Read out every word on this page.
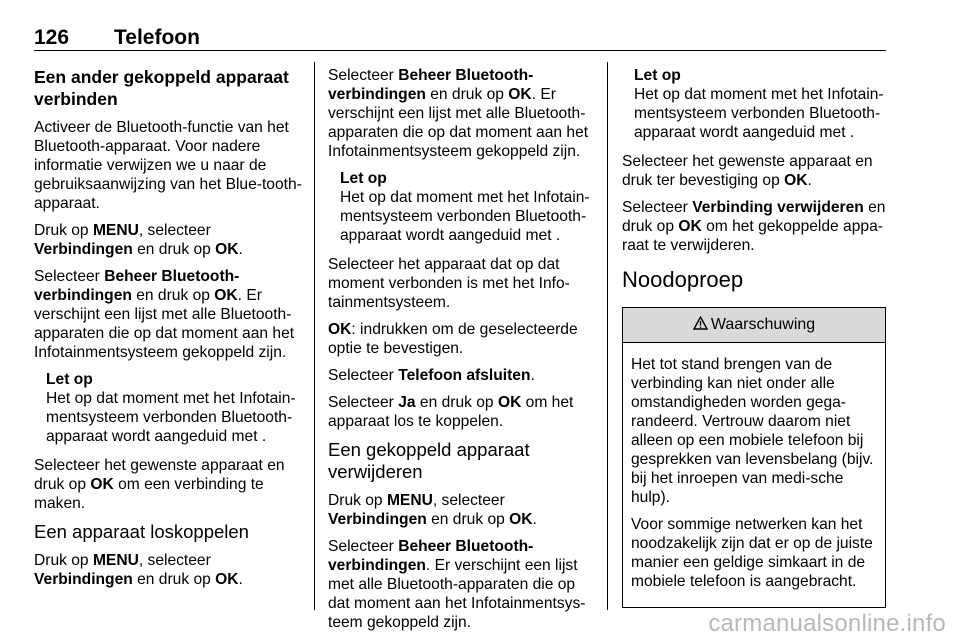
126 Telefoon
Een ander gekoppeld apparaat verbinden

Activeer de Bluetooth-functie van het Bluetooth-apparaat. Voor nadere informatie verwijzen we u naar de gebruiksaanwijzing van het Blue-tooth-apparaat.

Druk op MENU, selecteer
Verbindingen en druk op OK.

Selecteer Beheer Bluetooth-verbindingen en druk op OK. Er verschijnt een lijst met alle Bluetooth-apparaten die op dat moment aan het Infotainmentsysteem gekoppeld zijn.

Let op
Het op dat moment met het Infotain-mentsysteem verbonden Bluetooth-apparaat wordt aangeduid met .

Selecteer het gewenste apparaat en druk op OK om een verbinding te maken.

Een apparaat loskoppelen

Druk op MENU, selecteer
Verbindingen en druk op OK.

Selecteer Beheer Bluetooth-verbindingen en druk op OK. Er verschijnt een lijst met alle Bluetooth-apparaten die op dat moment aan het Infotainmentsysteem gekoppeld zijn.

Let op
Het op dat moment met het Infotain-mentsysteem verbonden Bluetooth-apparaat wordt aangeduid met .

Selecteer het apparaat dat op dat moment verbonden is met het Info-tainmentsysteem.

OK: indrukken om de geselecteerde optie te bevestigen.

Selecteer Telefoon afsluiten.

Selecteer Ja en druk op OK om het apparaat los te koppelen.

Een gekoppeld apparaat verwijderen

Druk op MENU, selecteer
Verbindingen en druk op OK.

Selecteer Beheer Bluetooth-verbindingen. Er verschijnt een lijst met alle Bluetooth-apparaten die op dat moment aan het Infotainmentsys-teem gekoppeld zijn.

Let op
Het op dat moment met het Infotain-mentsysteem verbonden Bluetooth-apparaat wordt aangeduid met .

Selecteer het gewenste apparaat en druk ter bevestiging op OK.

Selecteer Verbinding verwijderen en druk op OK om het gekoppelde appa-raat te verwijderen.

Noodoproep
Waarschuwing

Het tot stand brengen van de verbinding kan niet onder alle omstandigheden worden gega-randeerd. Vertrouw daarom niet alleen op een mobiele telefoon bij gesprekken van levensbelang (bijv. bij het inroepen van medi-sche hulp).

Voor sommige netwerken kan het noodzakelijk zijn dat er op de juiste manier een geldige simkaart in de mobiele telefoon is aangebracht.

carmanualsonline.info
